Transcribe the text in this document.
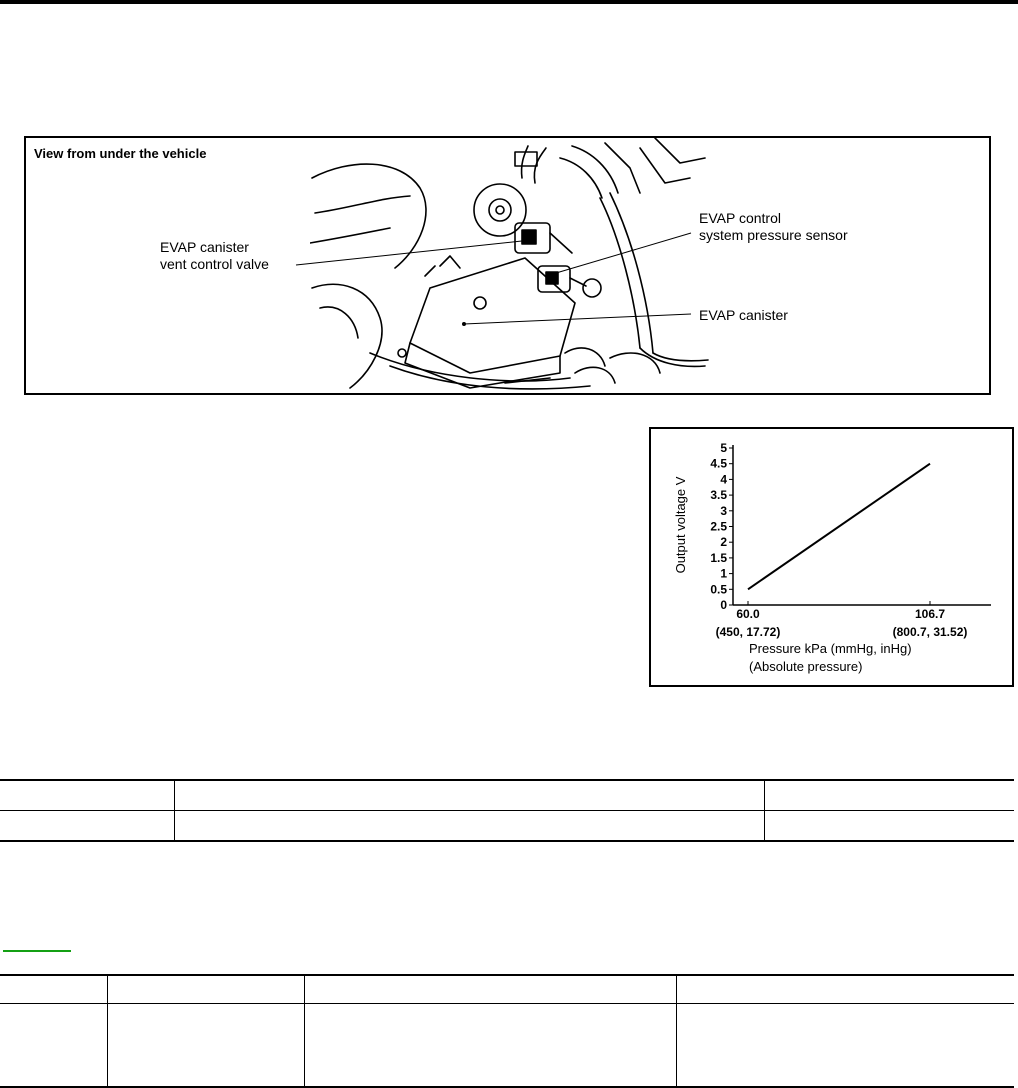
View from under the vehicle
EVAP canister
vent control valve
EVAP control
system pressure sensor
EVAP canister
0
0.5
1
1.5
2
2.5
3
3.5
4
4.5
5
60.0
(450, 17.72)
106.7
(800.7, 31.52)
Output voltage V
Pressure kPa (mmHg, inHg)
(Absolute pressure)
